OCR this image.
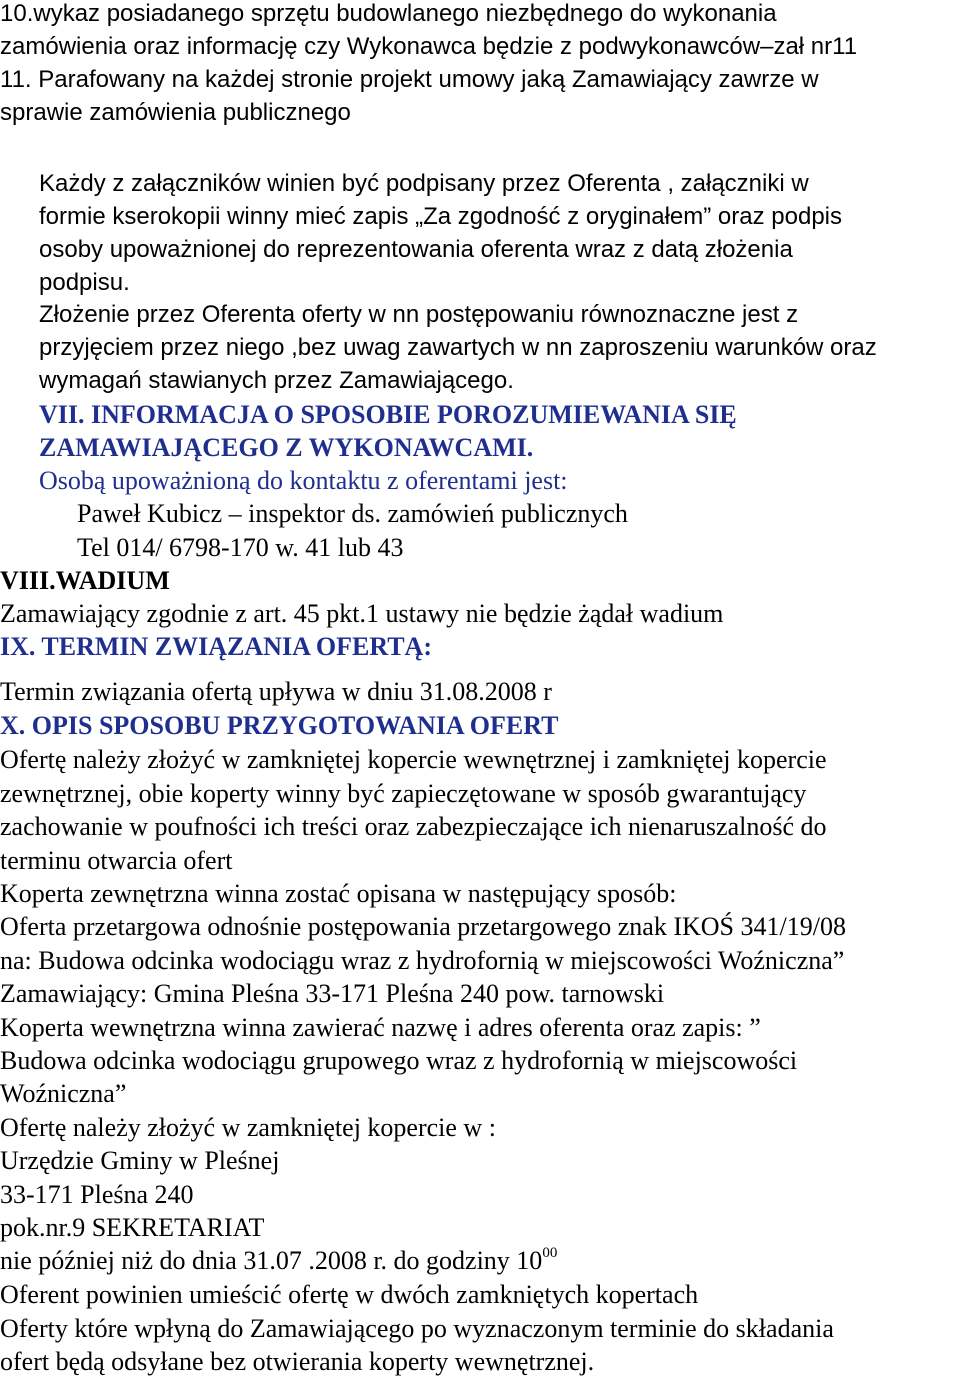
10.wykaz posiadanego sprzętu budowlanego niezbędnego do wykonania
zamówienia oraz informację czy Wykonawca będzie z podwykonawców–zał nr11
11. Parafowany na każdej stronie projekt umowy jaką Zamawiający zawrze w
sprawie zamówienia publicznego
Każdy z załączników winien być podpisany przez Oferenta , załączniki w
formie kserokopii winny mieć zapis „Za zgodność z oryginałem” oraz podpis
osoby upoważnionej do reprezentowania oferenta wraz z datą złożenia
podpisu.
Złożenie przez Oferenta oferty w nn postępowaniu równoznaczne jest z
przyjęciem przez niego ,bez uwag zawartych w nn zaproszeniu warunków oraz
wymagań stawianych przez Zamawiającego.
VII. INFORMACJA O SPOSOBIE POROZUMIEWANIA SIĘ
ZAMAWIAJĄCEGO Z WYKONAWCAMI.
Osobą upoważnioną do kontaktu z oferentami jest:
Paweł Kubicz – inspektor ds. zamówień publicznych
Tel 014/ 6798-170 w. 41 lub 43
VIII.WADIUM
Zamawiający zgodnie z art. 45 pkt.1 ustawy nie będzie żądał wadium
IX. TERMIN ZWIĄZANIA OFERTĄ:
Termin związania ofertą upływa w dniu 31.08.2008 r
X. OPIS SPOSOBU PRZYGOTOWANIA OFERT
Ofertę należy złożyć w zamkniętej kopercie wewnętrznej i zamkniętej kopercie
zewnętrznej, obie koperty winny być zapieczętowane w sposób gwarantujący
zachowanie w poufności ich treści oraz zabezpieczające ich nienaruszalność do
terminu otwarcia ofert
Koperta zewnętrzna winna zostać opisana w następujący sposób:
Oferta przetargowa odnośnie postępowania przetargowego znak IKOŚ 341/19/08
na: Budowa odcinka wodociągu wraz z hydrofornią w miejscowości Woźniczna”
Zamawiający: Gmina Pleśna 33-171 Pleśna 240 pow. tarnowski
Koperta wewnętrzna winna zawierać nazwę i adres oferenta oraz zapis: ”
Budowa odcinka wodociągu grupowego wraz z hydrofornią w miejscowości
Woźniczna”
Ofertę należy złożyć w zamkniętej kopercie w :
Urzędzie Gminy w Pleśnej
33-171 Pleśna 240
pok.nr.9 SEKRETARIAT
nie później niż do dnia 31.07 .2008 r. do godziny $10^{00}$
Oferent powinien umieścić ofertę w dwóch zamkniętych kopertach
Oferty które wpłyną do Zamawiającego po wyznaczonym terminie do składania
ofert będą odsyłane bez otwierania koperty wewnętrznej.
